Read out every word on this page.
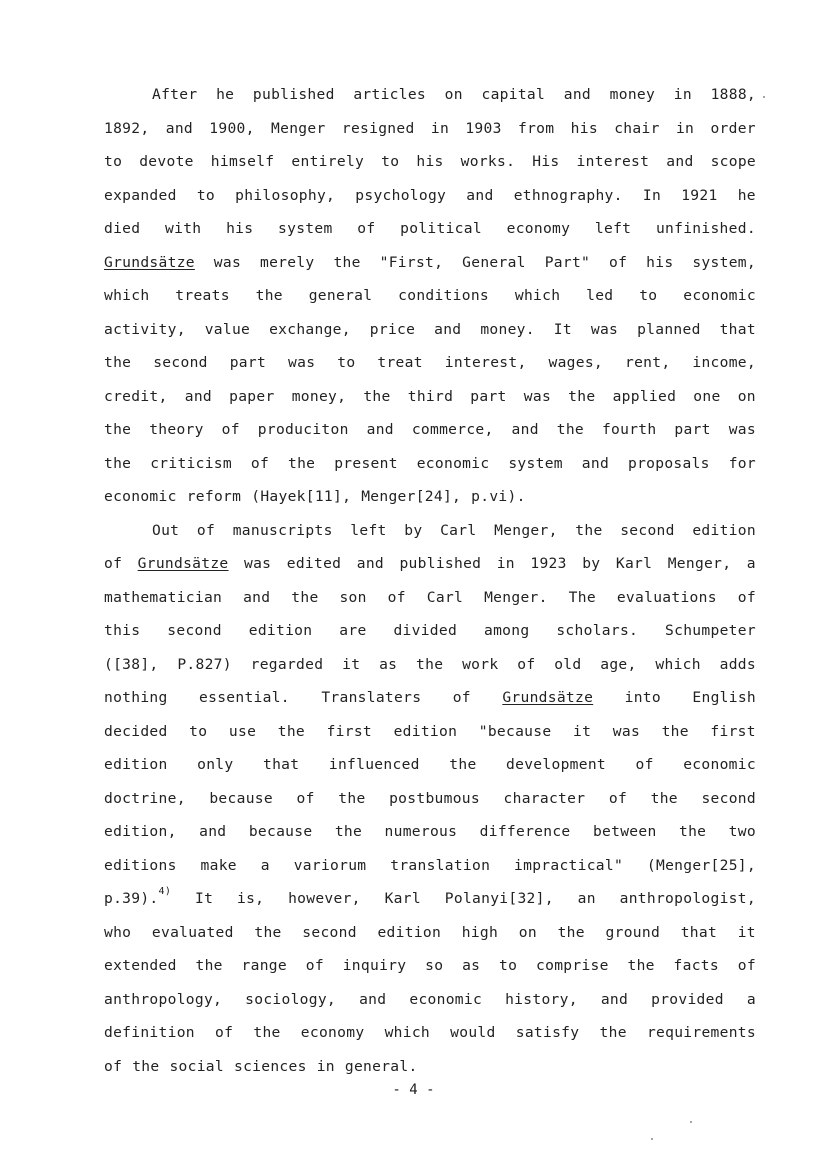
After he published articles on capital and money in 1888,
1892, and 1900, Menger resigned in 1903 from his chair in order
to devote himself entirely to his works. His interest and scope
expanded to philosophy, psychology and ethnography. In 1921 he
died with his system of political economy left unfinished.
Grundsätze was merely the "First, General Part" of his system,
which treats the general conditions which led to economic
activity, value exchange, price and money. It was planned that
the second part was to treat interest, wages, rent, income,
credit, and paper money, the third part was the applied one on
the theory of produciton and commerce, and the fourth part was
the criticism of the present economic system and proposals for
economic reform (Hayek[11], Menger[24], p.vi).
Out of manuscripts left by Carl Menger, the second edition
of Grundsätze was edited and published in 1923 by Karl Menger, a
mathematician and the son of Carl Menger. The evaluations of
this second edition are divided among scholars. Schumpeter
([38], P.827) regarded it as the work of old age, which adds
nothing essential. Translaters of Grundsätze into English
decided to use the first edition "because it was the first
edition only that influenced the development of economic
doctrine, because of the postbumous character of the second
edition, and because the numerous difference between the two
editions make a variorum translation impractical" (Menger[25],
p.39).$^{4)}$ It is, however, Karl Polanyi[32], an anthropologist,
who evaluated the second edition high on the ground that it
extended the range of inquiry so as to comprise the facts of
anthropology, sociology, and economic history, and provided a
definition of the economy which would satisfy the requirements
of the social sciences in general.
- 4 -
